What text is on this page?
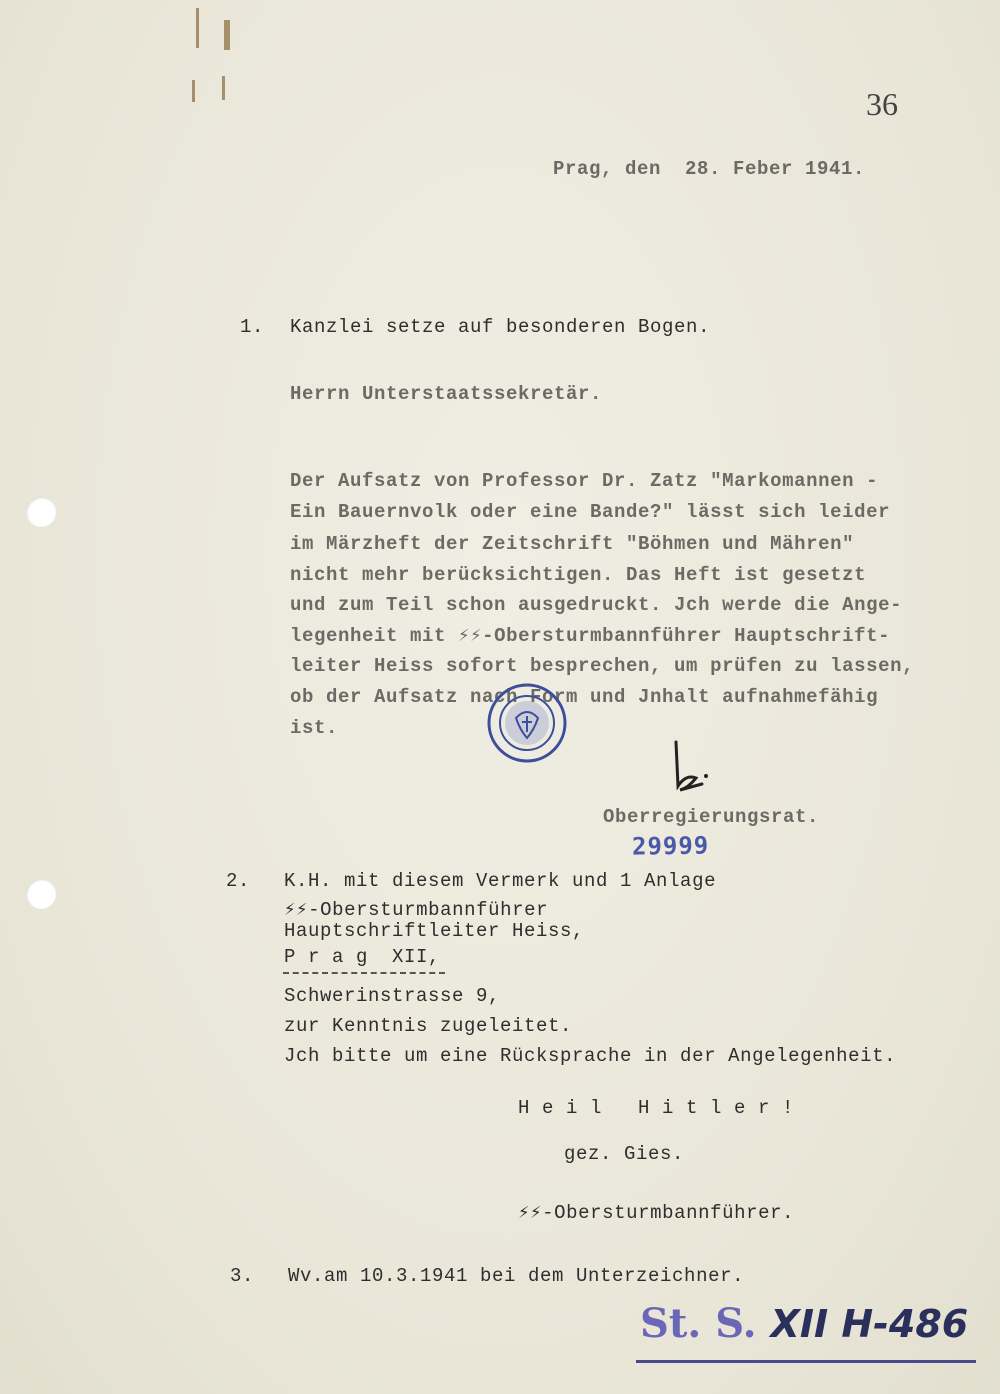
36
Prag, den  28. Feber 1941.
1. Kanzlei setze auf besonderen Bogen.
Herrn Unterstaatssekretär.
Der Aufsatz von Professor Dr. Zatz "Markomannen -
Ein Bauernvolk oder eine Bande?" lässt sich leider
im Märzheft der Zeitschrift "Böhmen und Mähren"
nicht mehr berücksichtigen. Das Heft ist gesetzt
und zum Teil schon ausgedruckt. Jch werde die Ange-
legenheit mit ⚡⚡-Obersturmbannführer Hauptschrift-
leiter Heiss sofort besprechen, um prüfen zu lassen,
ob der Aufsatz nach Form und Jnhalt aufnahmefähig
ist.
Oberregierungsrat.
29999
2. K.H. mit diesem Vermerk und 1 Anlage
⚡⚡-Obersturmbannführer
Hauptschriftleiter Heiss,
P r a g  XII,
Schwerinstrasse 9,
zur Kenntnis zugeleitet.
Jch bitte um eine Rücksprache in der Angelegenheit.
H e i l   H i t l e r !
gez. Gies.
⚡⚡-Obersturmbannführer.
3. Wv.am 10.3.1941 bei dem Unterzeichner.
St. S. XII H-486
